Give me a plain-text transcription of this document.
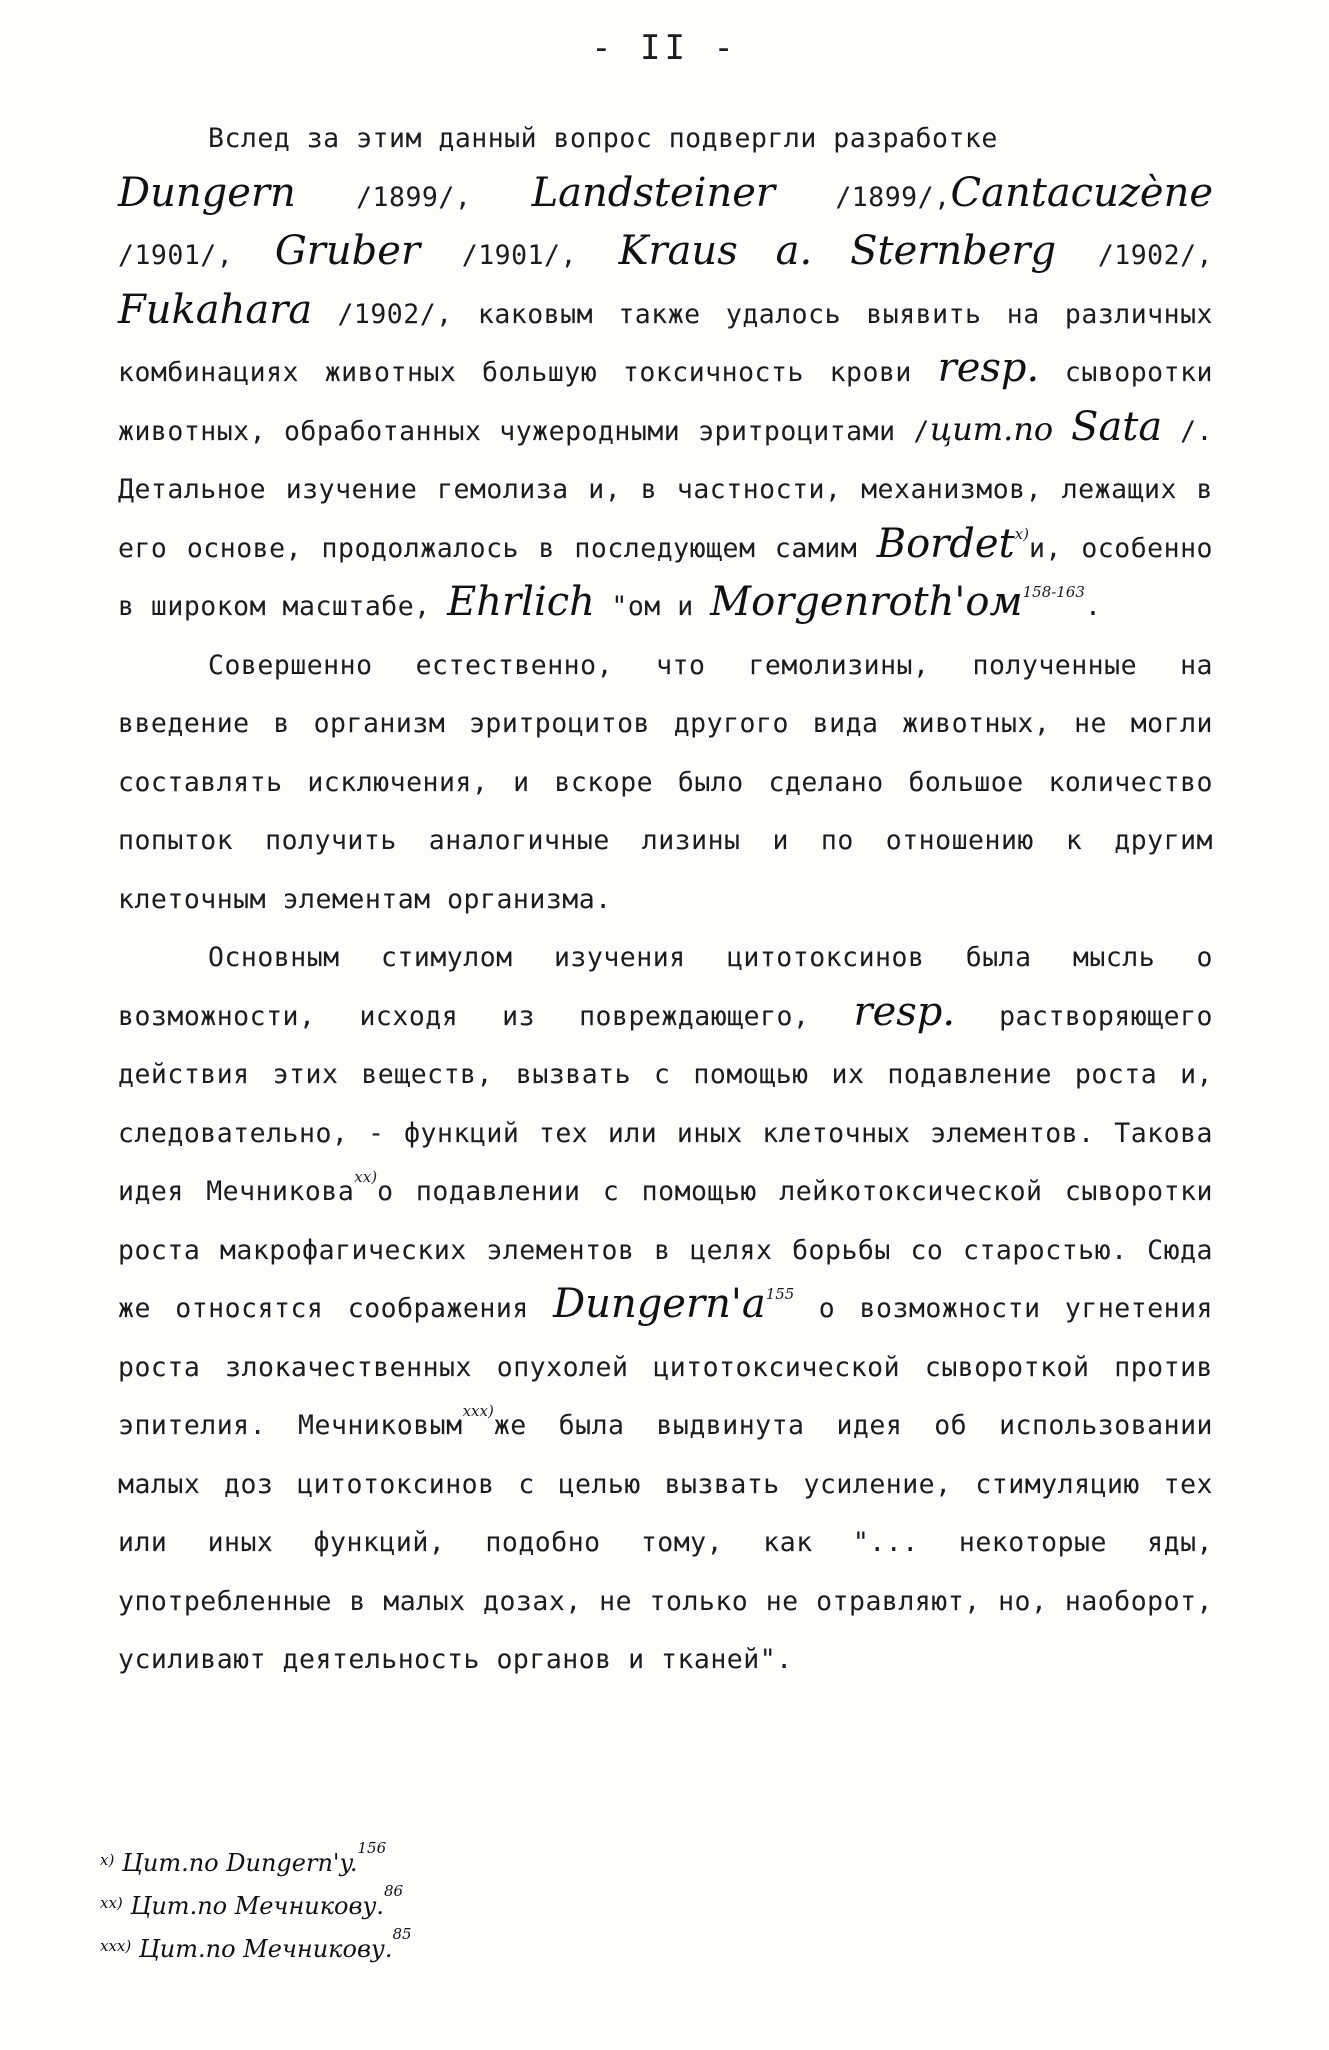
- II -

Вслед за этим данный вопрос подвергли разработке
Dungern /1899/, Landsteiner /1899/,Cantacuzène /1901/, Gruber /1901/, Kraus a. Sternberg /1902/, Fukahara /1902/, каковым также удалось выявить на различных комбинациях животных большую токсичность крови resp. сыворотки животных, обработанных чужеродными эритроцитами /цит.по Sata /. Детальное изучение гемолиза и, в частности, механизмов, лежащих в его основе, продолжалось в последующем самим Bordet$^{x)}$и, особенно в широком масштабе, Ehrlich "ом и Morgenroth'ом$^{158-163}$.

Совершенно естественно, что гемолизины, полученные на введение в организм эритроцитов другого вида животных, не могли составлять исключения, и вскоре было сделано большое количество попыток получить аналогичные лизины и по отношению к другим клеточным элементам организма.

Основным стимулом изучения цитотоксинов была мысль о возможности, исходя из повреждающего, resp. растворяющего действия этих веществ, вызвать с помощью их подавление роста и, следовательно, - функций тех или иных клеточных элементов. Такова идея Мечникова$^{xx)}$о подавлении с помощью лейкотоксической сыворотки роста макрофагических элементов в целях борьбы со старостью. Сюда же относятся соображения Dungern'a$^{155}$ о возможности угнетения роста злокачественных опухолей цитотоксической сывороткой против эпителия. Мечниковым$^{xxx)}$же была выдвинута идея об использовании малых доз цитотоксинов с целью вызвать усиление, стимуляцию тех или иных функций, подобно тому, как "... некоторые яды, употребленные в малых дозах, не только не отравляют, но, наоборот, усиливают деятельность органов и тканей".

$^{x)}$ Цит.по Dungern'y.$^{156}$
$^{xx)}$ Цит.по Мечникову.$^{86}$
$^{xxx)}$ Цит.по Мечникову.$^{85}$
